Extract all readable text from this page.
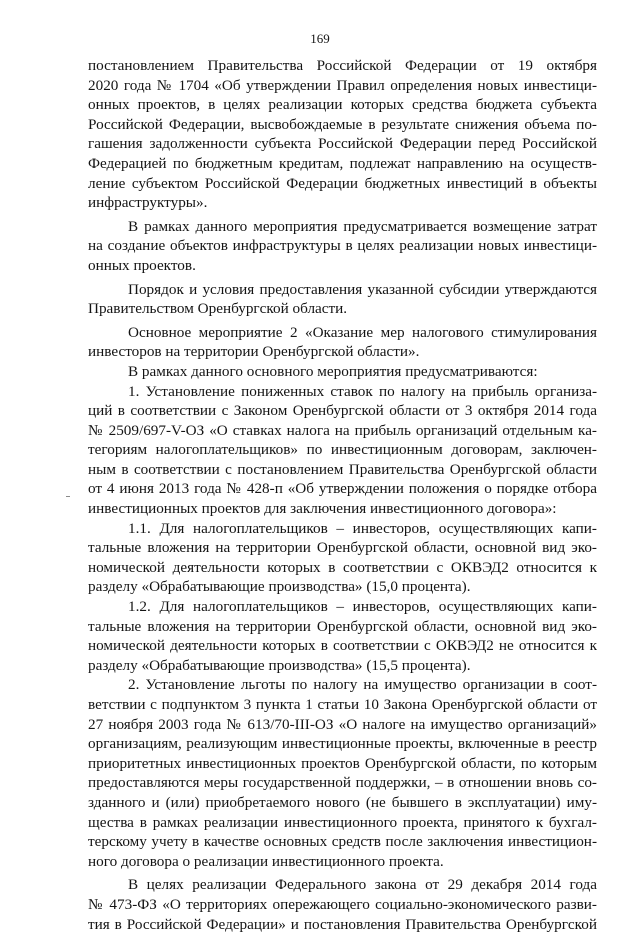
169
постановлением Правительства Российской Федерации от 19 октября
2020 года № 1704 «Об утверждении Правил определения новых инвестици-
онных проектов, в целях реализации которых средства бюджета субъекта
Российской Федерации, высвобождаемые в результате снижения объема по-
гашения задолженности субъекта Российской Федерации перед Российской
Федерацией по бюджетным кредитам, подлежат направлению на осуществ-
ление субъектом Российской Федерации бюджетных инвестиций в объекты
инфраструктуры».
В рамках данного мероприятия предусматривается возмещение затрат
на создание объектов инфраструктуры в целях реализации новых инвестици-
онных проектов.
Порядок и условия предоставления указанной субсидии утверждаются
Правительством Оренбургской области.
Основное мероприятие 2 «Оказание мер налогового стимулирования
инвесторов на территории Оренбургской области».
В рамках данного основного мероприятия предусматриваются:
1. Установление пониженных ставок по налогу на прибыль организа-
ций в соответствии с Законом Оренбургской области от 3 октября 2014 года
№ 2509/697-V-ОЗ «О ставках налога на прибыль организаций отдельным ка-
тегориям налогоплательщиков» по инвестиционным договорам, заключен-
ным в соответствии с постановлением Правительства Оренбургской области
от 4 июня 2013 года № 428-п «Об утверждении положения о порядке отбора
инвестиционных проектов для заключения инвестиционного договора»:
1.1. Для налогоплательщиков – инвесторов, осуществляющих капи-
тальные вложения на территории Оренбургской области, основной вид эко-
номической деятельности которых в соответствии с ОКВЭД2 относится к
разделу «Обрабатывающие производства» (15,0 процента).
1.2. Для налогоплательщиков – инвесторов, осуществляющих капи-
тальные вложения на территории Оренбургской области, основной вид эко-
номической деятельности которых в соответствии с ОКВЭД2 не относится к
разделу «Обрабатывающие производства» (15,5 процента).
2. Установление льготы по налогу на имущество организации в соот-
ветствии с подпунктом 3 пункта 1 статьи 10 Закона Оренбургской области от
27 ноября 2003 года № 613/70-III-ОЗ «О налоге на имущество организаций»
организациям, реализующим инвестиционные проекты, включенные в реестр
приоритетных инвестиционных проектов Оренбургской области, по которым
предоставляются меры государственной поддержки, – в отношении вновь со-
зданного и (или) приобретаемого нового (не бывшего в эксплуатации) иму-
щества в рамках реализации инвестиционного проекта, принятого к бухгал-
терскому учету в качестве основных средств после заключения инвестицион-
ного договора о реализации инвестиционного проекта.
В целях реализации Федерального закона от 29 декабря 2014 года
№ 473-ФЗ «О территориях опережающего социально-экономического разви-
тия в Российской Федерации» и постановления Правительства Оренбургской
